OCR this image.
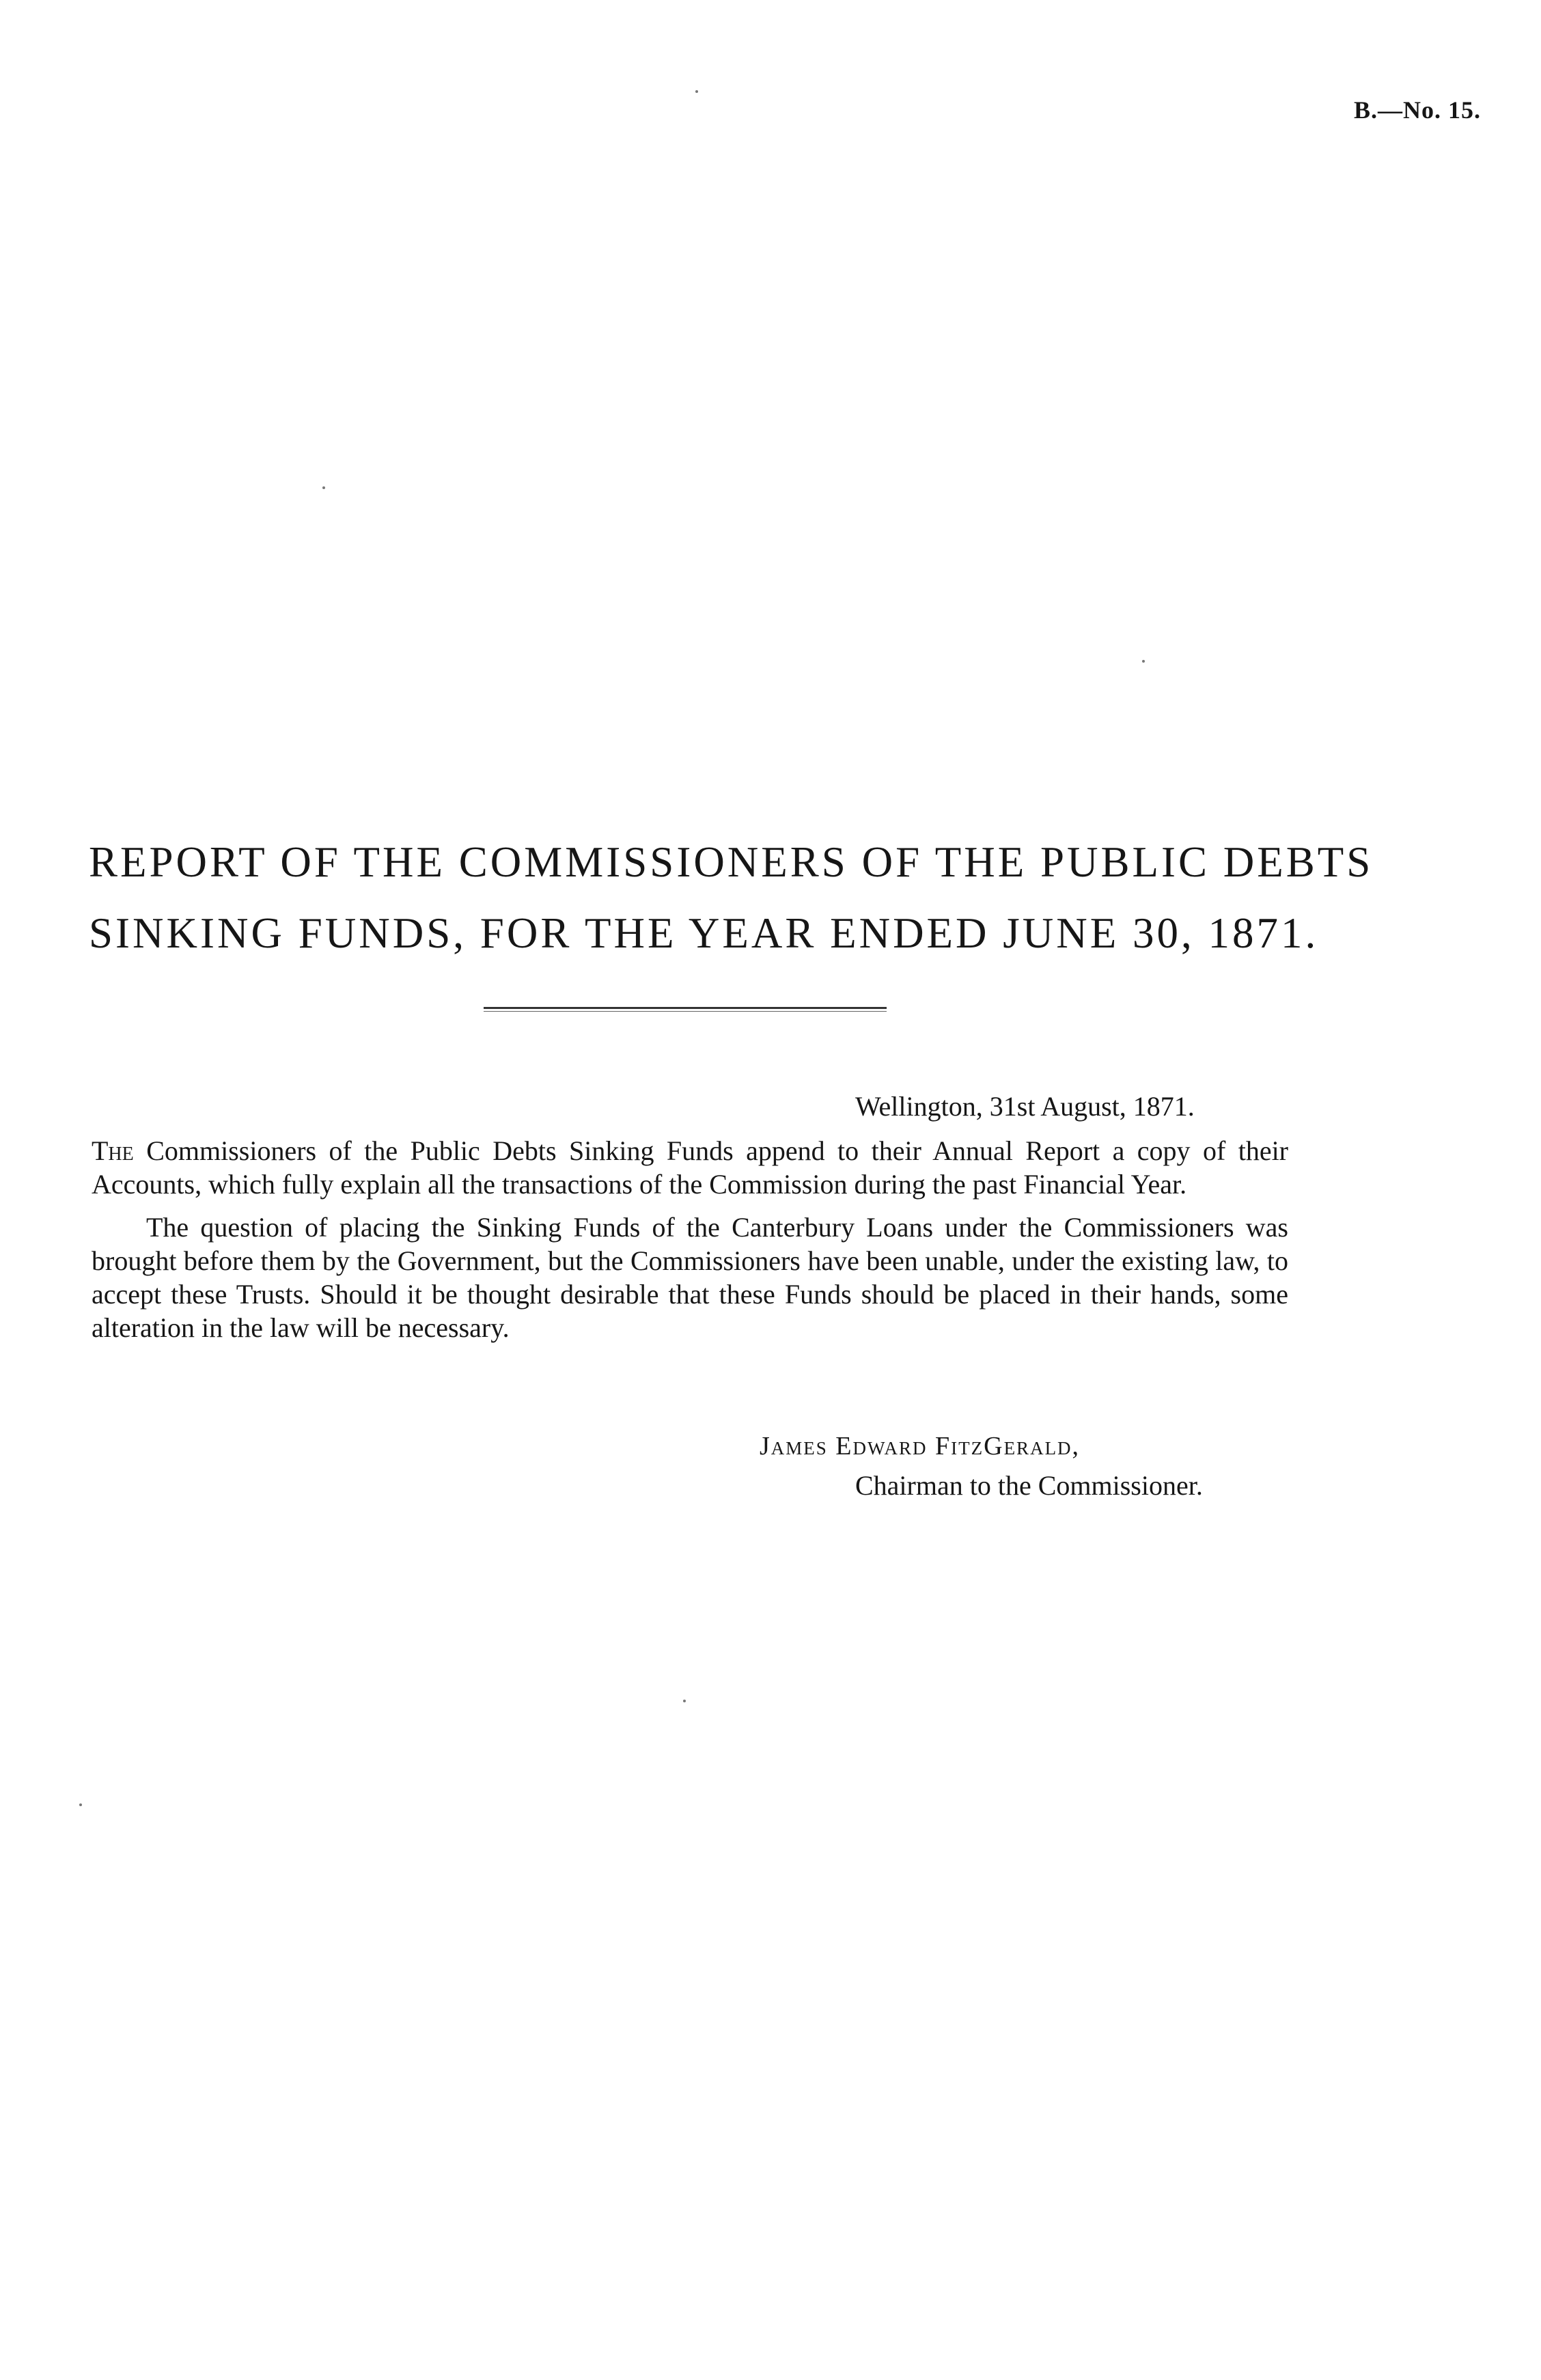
B.—No. 15.
REPORT OF THE COMMISSIONERS OF THE PUBLIC DEBTS
SINKING FUNDS, FOR THE YEAR ENDED JUNE 30, 1871.
Wellington, 31st August, 1871.

The Commissioners of the Public Debts Sinking Funds append to their Annual Report a copy of their Accounts, which fully explain all the transactions of the Commission during the past Financial Year.

The question of placing the Sinking Funds of the Canterbury Loans under the Commissioners was brought before them by the Government, but the Commissioners have been unable, under the existing law, to accept these Trusts. Should it be thought desirable that these Funds should be placed in their hands, some alteration in the law will be necessary.

James Edward FitzGerald,
Chairman to the Commissioner.
